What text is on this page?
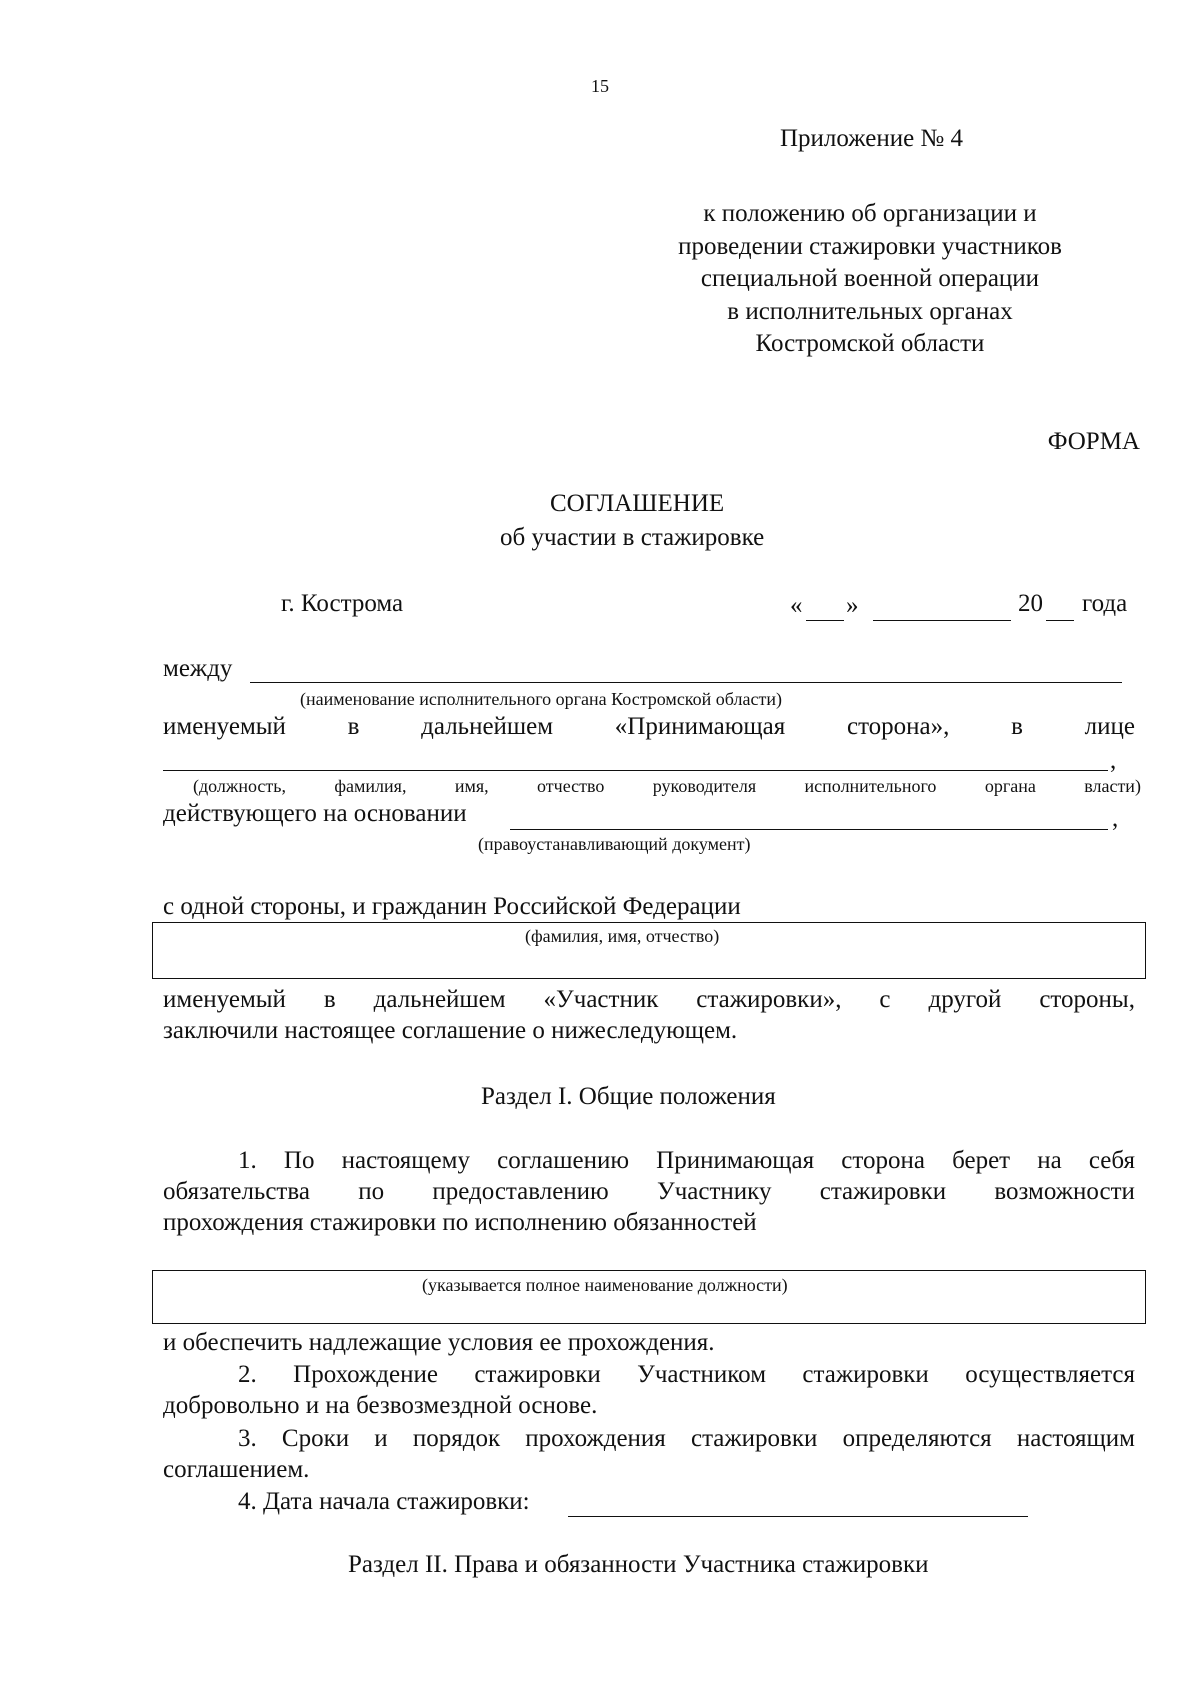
15
Приложение № 4
к положению об организации и
проведении стажировки участников
специальной военной операции
в исполнительных органах
Костромской области
ФОРМА
СОГЛАШЕНИЕ
об участии в стажировке
г. Кострома	« »	20 года
между
(наименование исполнительного органа Костромской области)
именуемый в дальнейшем «Принимающая сторона», в лице
,
(должность,	фамилия,	имя,	отчество	руководителя	исполнительного	органа	власти)
действующего на основании	,
(правоустанавливающий документ)
с одной стороны, и гражданин Российской Федерации
(фамилия, имя, отчество)
именуемый в дальнейшем «Участник стажировки», с другой стороны,
заключили настоящее соглашение о нижеследующем.
Раздел I. Общие положения
1. По настоящему соглашению Принимающая сторона берет на себя
обязательства по предоставлению Участнику стажировки возможности
прохождения стажировки по исполнению обязанностей
(указывается полное наименование должности)
и обеспечить надлежащие условия ее прохождения.
2. Прохождение стажировки Участником стажировки осуществляется
добровольно и на безвозмездной основе.
3. Сроки и порядок прохождения стажировки определяются настоящим
соглашением.
4. Дата начала стажировки:
Раздел II. Права и обязанности Участника стажировки
